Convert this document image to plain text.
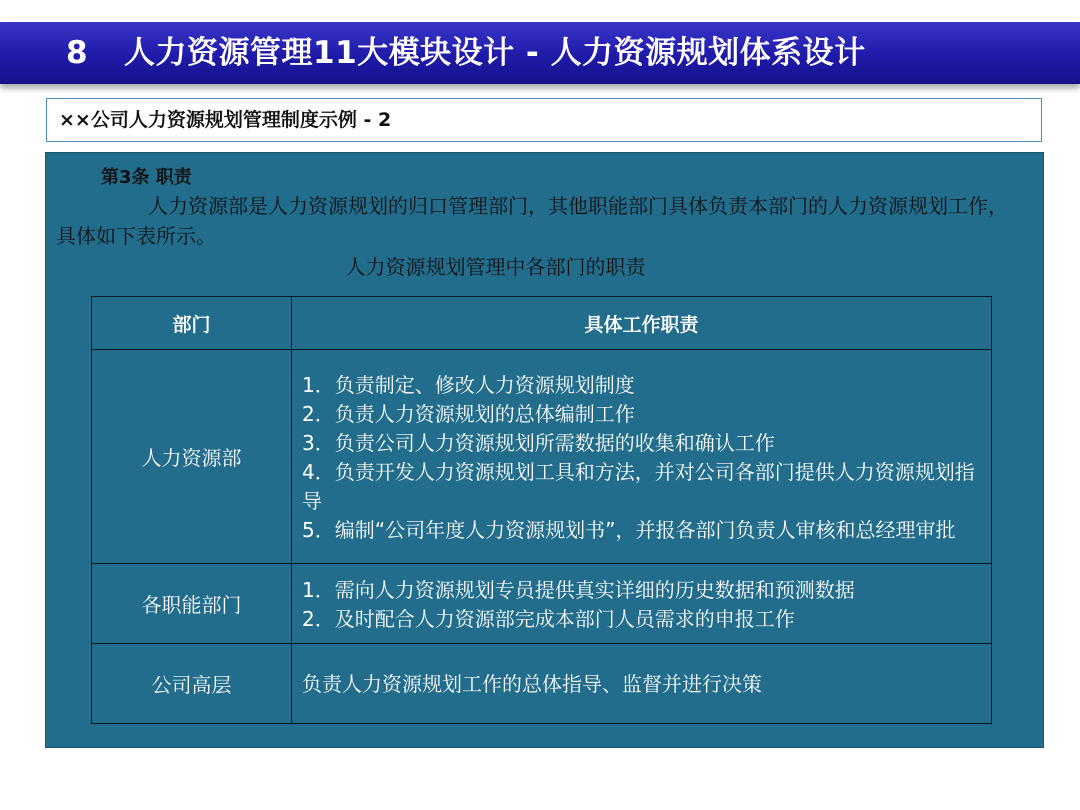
8 人力资源管理11大模块设计 - 人力资源规划体系设计
××公司人力资源规划管理制度示例 - 2
第3条 职责
人力资源部是人力资源规划的归口管理部门，其他职能部门具体负责本部门的人力资源规划工作，具体如下表所示。
人力资源规划管理中各部门的职责
部门	具体工作职责
人力资源部	1．负责制定、修改人力资源规划制度
2．负责人力资源规划的总体编制工作
3．负责公司人力资源规划所需数据的收集和确认工作
4．负责开发人力资源规划工具和方法，并对公司各部门提供人力资源规划指导
5．编制“公司年度人力资源规划书”，并报各部门负责人审核和总经理审批

各职能部门	1．需向人力资源规划专员提供真实详细的历史数据和预测数据
2．及时配合人力资源部完成本部门人员需求的申报工作

公司高层	负责人力资源规划工作的总体指导、监督并进行决策
